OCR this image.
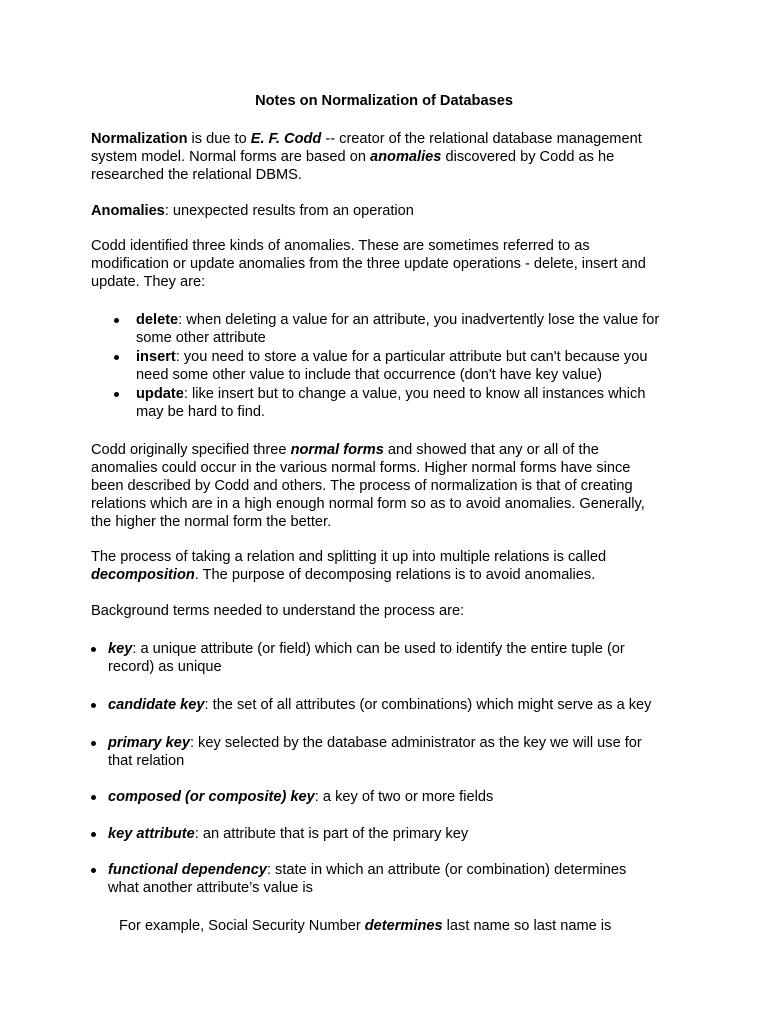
Notes on Normalization of Databases
Normalization is due to E. F. Codd -- creator of the relational database management
system model. Normal forms are based on anomalies discovered by Codd as he
researched the relational DBMS.
Anomalies: unexpected results from an operation
Codd identified three kinds of anomalies. These are sometimes referred to as
modification or update anomalies from the three update operations - delete, insert and
update. They are:
delete: when deleting a value for an attribute, you inadvertently lose the value for
some other attribute
insert: you need to store a value for a particular attribute but can't because you
need some other value to include that occurrence (don't have key value)
update: like insert but to change a value, you need to know all instances which
may be hard to find.
Codd originally specified three normal forms and showed that any or all of the
anomalies could occur in the various normal forms. Higher normal forms have since
been described by Codd and others. The process of normalization is that of creating
relations which are in a high enough normal form so as to avoid anomalies. Generally,
the higher the normal form the better.
The process of taking a relation and splitting it up into multiple relations is called
decomposition. The purpose of decomposing relations is to avoid anomalies.
Background terms needed to understand the process are:
key: a unique attribute (or field) which can be used to identify the entire tuple (or
record) as unique
candidate key: the set of all attributes (or combinations) which might serve as a key
primary key: key selected by the database administrator as the key we will use for
that relation
composed (or composite) key: a key of two or more fields
key attribute: an attribute that is part of the primary key
functional dependency: state in which an attribute (or combination) determines
what another attribute’s value is
For example, Social Security Number determines last name so last name is
